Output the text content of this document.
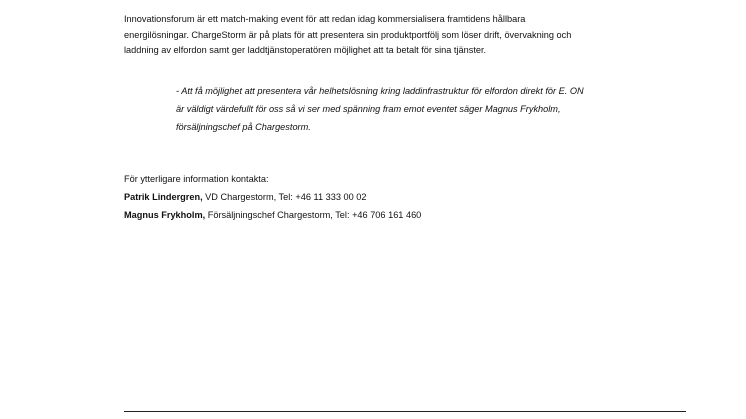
Innovationsforum är ett match-making event för att redan idag kommersialisera framtidens hållbara
energilösningar. ChargeStorm är på plats för att presentera sin produktportfölj som löser drift, övervakning och
laddning av elfordon samt ger laddtjänstoperatören möjlighet att ta betalt för sina tjänster.

- Att få möjlighet att presentera vår helhetslösning kring laddinfrastruktur för elfordon direkt för E. ON
är väldigt värdefullt för oss så vi ser med spänning fram emot eventet säger Magnus Frykholm,
försäljningschef på Chargestorm.

För ytterligare information kontakta:
Patrik Lindergren, VD Chargestorm, Tel: +46 11 333 00 02
Magnus Frykholm, Försäljningschef Chargestorm, Tel: +46 706 161 460
